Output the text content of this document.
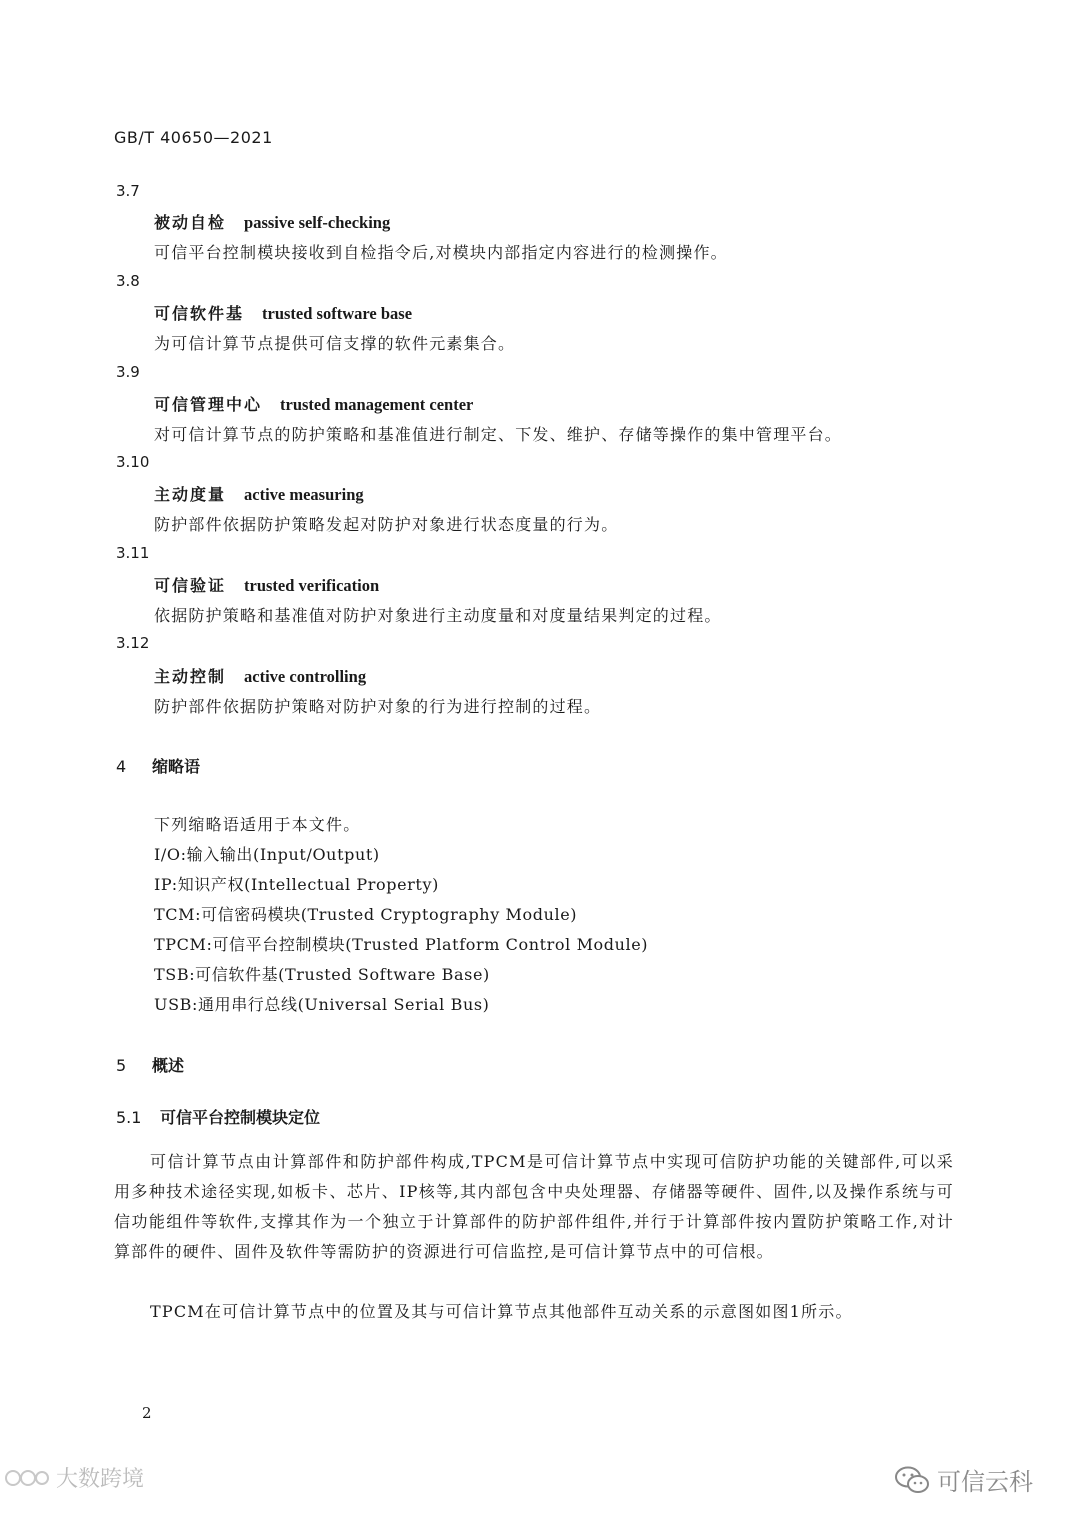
GB/T 40650—2021
3.7
被动自检 passive self-checking
可信平台控制模块接收到自检指令后,对模块内部指定内容进行的检测操作。
3.8
可信软件基 trusted software base
为可信计算节点提供可信支撑的软件元素集合。
3.9
可信管理中心 trusted management center
对可信计算节点的防护策略和基准值进行制定、下发、维护、存储等操作的集中管理平台。
3.10
主动度量 active measuring
防护部件依据防护策略发起对防护对象进行状态度量的行为。
3.11
可信验证 trusted verification
依据防护策略和基准值对防护对象进行主动度量和对度量结果判定的过程。
3.12
主动控制 active controlling
防护部件依据防护策略对防护对象的行为进行控制的过程。
4 缩略语
下列缩略语适用于本文件。
I/O:输入输出(Input/Output)
IP:知识产权(Intellectual Property)
TCM:可信密码模块(Trusted Cryptography Module)
TPCM:可信平台控制模块(Trusted Platform Control Module)
TSB:可信软件基(Trusted Software Base)
USB:通用串行总线(Universal Serial Bus)
5 概述
5.1 可信平台控制模块定位
可信计算节点由计算部件和防护部件构成,TPCM是可信计算节点中实现可信防护功能的关键部件,可以采用多种技术途径实现,如板卡、芯片、IP核等,其内部包含中央处理器、存储器等硬件、固件,以及操作系统与可信功能组件等软件,支撑其作为一个独立于计算部件的防护部件组件,并行于计算部件按内置防护策略工作,对计算部件的硬件、固件及软件等需防护的资源进行可信监控,是可信计算节点中的可信根。
TPCM在可信计算节点中的位置及其与可信计算节点其他部件互动关系的示意图如图1所示。
2
大数跨境	可信云科
